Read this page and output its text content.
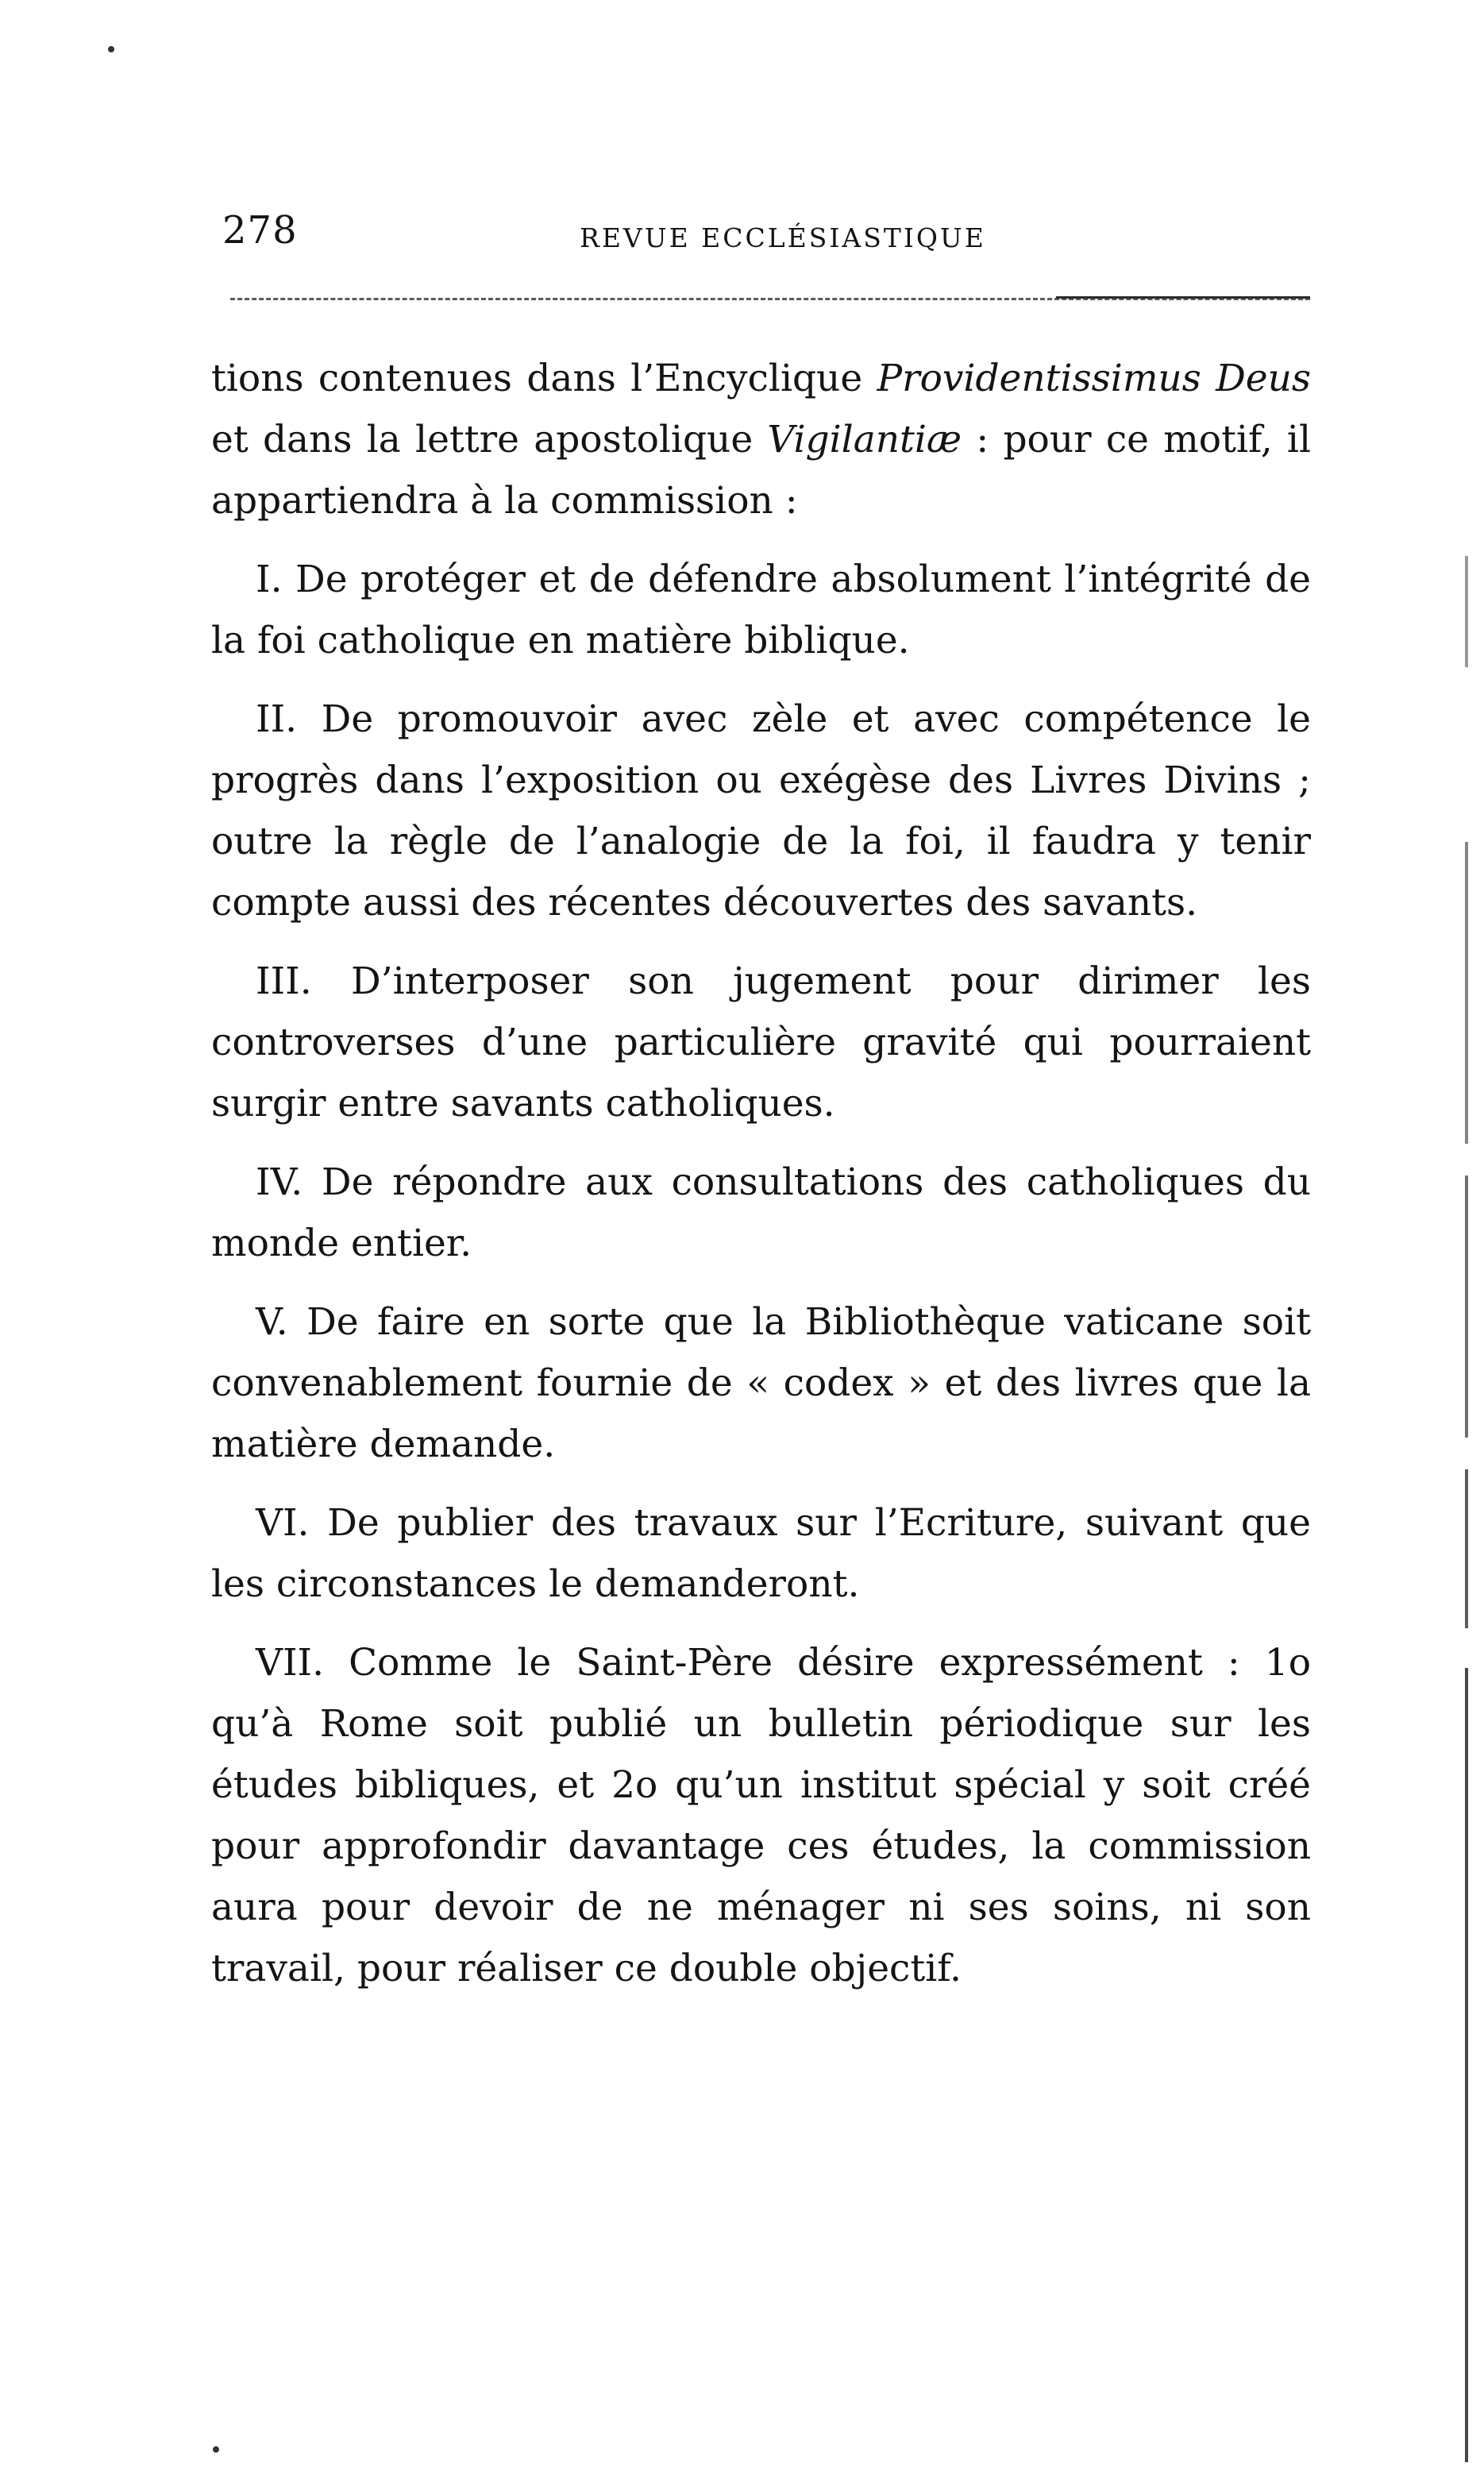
278	REVUE ECCLÉSIASTIQUE

tions contenues dans l’Encyclique Providentissimus Deus et dans la lettre apostolique Vigilantiæ : pour ce motif, il appartiendra à la commission :

I. De protéger et de défendre absolument l’intégrité de la foi catholique en matière biblique.

II. De promouvoir avec zèle et avec compétence le progrès dans l’exposition ou exégèse des Livres Divins ; outre la règle de l’analogie de la foi, il faudra y tenir compte aussi des récentes découvertes des savants.

III. D’interposer son jugement pour dirimer les controverses d’une particulière gravité qui pourraient surgir entre savants catholiques.

IV. De répondre aux consultations des catholiques du monde entier.

V. De faire en sorte que la Bibliothèque vaticane soit convenablement fournie de « codex » et des livres que la matière demande.

VI. De publier des travaux sur l’Ecriture, suivant que les circonstances le demanderont.

VII. Comme le Saint-Père désire expressément : 1o qu’à Rome soit publié un bulletin périodique sur les études bibliques, et 2o qu’un institut spécial y soit créé pour approfondir davantage ces études, la commission aura pour devoir de ne ménager ni ses soins, ni son travail, pour réaliser ce double objectif.
